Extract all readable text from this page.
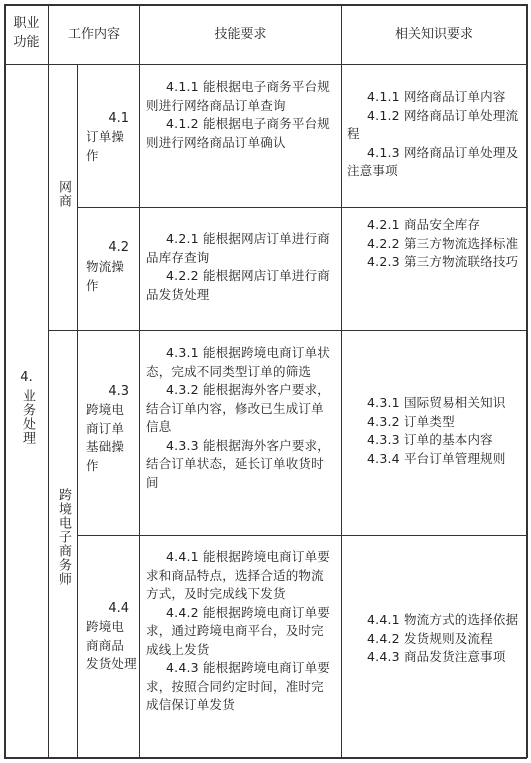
职业
功能
工作内容	技能要求	相关知识要求
4.
业务处理
网商
跨境电子商务师
4.1
订单操
作
4.1.1 能根据电子商务平台规则进行网络商品订单查询
4.1.2 能根据电子商务平台规则进行网络商品订单确认
4.1.1 网络商品订单内容
4.1.2 网络商品订单处理流程
4.1.3 网络商品订单处理及注意事项
4.2
物流操
作
4.2.1 能根据网店订单进行商品库存查询
4.2.2 能根据网店订单进行商品发货处理
4.2.1 商品安全库存
4.2.2 第三方物流选择标准
4.2.3 第三方物流联络技巧
4.3
跨境电
商订单
基础操
作
4.3.1 能根据跨境电商订单状态，完成不同类型订单的筛选
4.3.2 能根据海外客户要求，结合订单内容，修改已生成订单信息
4.3.3 能根据海外客户要求，结合订单状态，延长订单收货时间
4.3.1 国际贸易相关知识
4.3.2 订单类型
4.3.3 订单的基本内容
4.3.4 平台订单管理规则
4.4
跨境电
商商品
发货处理
4.4.1 能根据跨境电商订单要求和商品特点，选择合适的物流方式，及时完成线下发货
4.4.2 能根据跨境电商订单要求，通过跨境电商平台，及时完成线上发货
4.4.3 能根据跨境电商订单要求，按照合同约定时间，准时完成信保订单发货
4.4.1 物流方式的选择依据
4.4.2 发货规则及流程
4.4.3 商品发货注意事项
